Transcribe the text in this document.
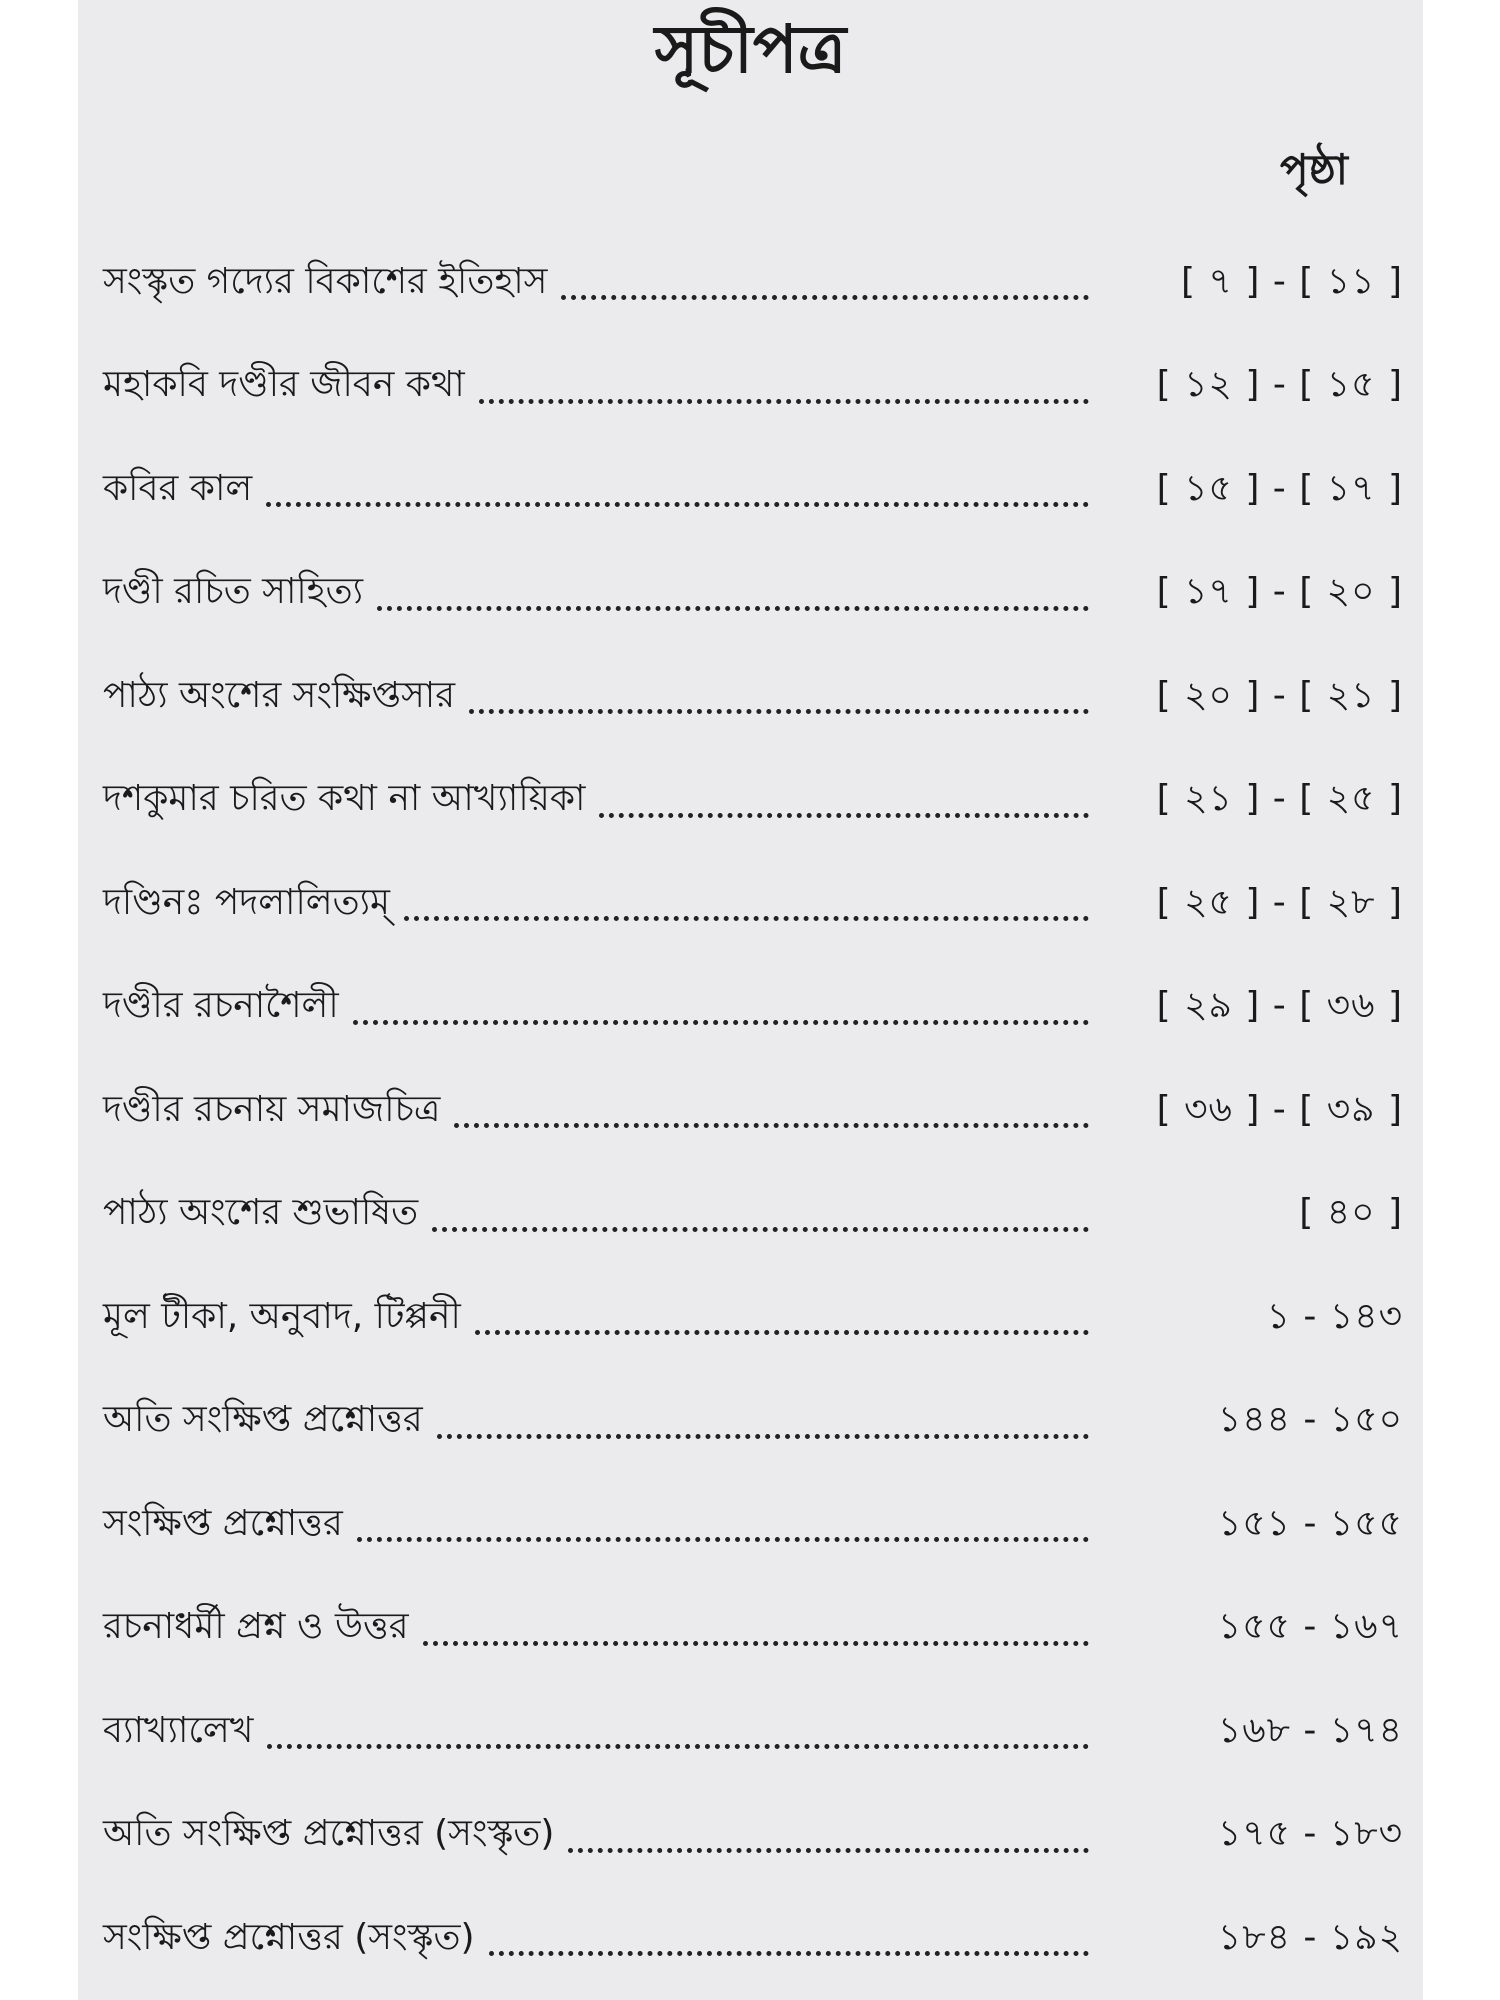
সূচীপত্র
পৃষ্ঠা
সংস্কৃত গদ্যের বিকাশের ইতিহাস	[ ৭ ] - [ ১১ ]
মহাকবি দণ্ডীর জীবন কথা	[ ১২ ] - [ ১৫ ]
কবির কাল	[ ১৫ ] - [ ১৭ ]
দণ্ডী রচিত সাহিত্য	[ ১৭ ] - [ ২০ ]
পাঠ্য অংশের সংক্ষিপ্তসার	[ ২০ ] - [ ২১ ]
দশকুমার চরিত কথা না আখ্যায়িকা	[ ২১ ] - [ ২৫ ]
দণ্ডিনঃ পদলালিত্যম্	[ ২৫ ] - [ ২৮ ]
দণ্ডীর রচনাশৈলী	[ ২৯ ] - [ ৩৬ ]
দণ্ডীর রচনায় সমাজচিত্র	[ ৩৬ ] - [ ৩৯ ]
পাঠ্য অংশের শুভাষিত	[ ৪০ ]
মূল টীকা, অনুবাদ, টিপ্পনী	১ - ১৪৩
অতি সংক্ষিপ্ত প্রশ্নোত্তর	১৪৪ - ১৫০
সংক্ষিপ্ত প্রশ্নোত্তর	১৫১ - ১৫৫
রচনাধর্মী প্রশ্ন ও উত্তর	১৫৫ - ১৬৭
ব্যাখ্যালেখ	১৬৮ - ১৭৪
অতি সংক্ষিপ্ত প্রশ্নোত্তর (সংস্কৃত)	১৭৫ - ১৮৩
সংক্ষিপ্ত প্রশ্নোত্তর (সংস্কৃত)	১৮৪ - ১৯২
